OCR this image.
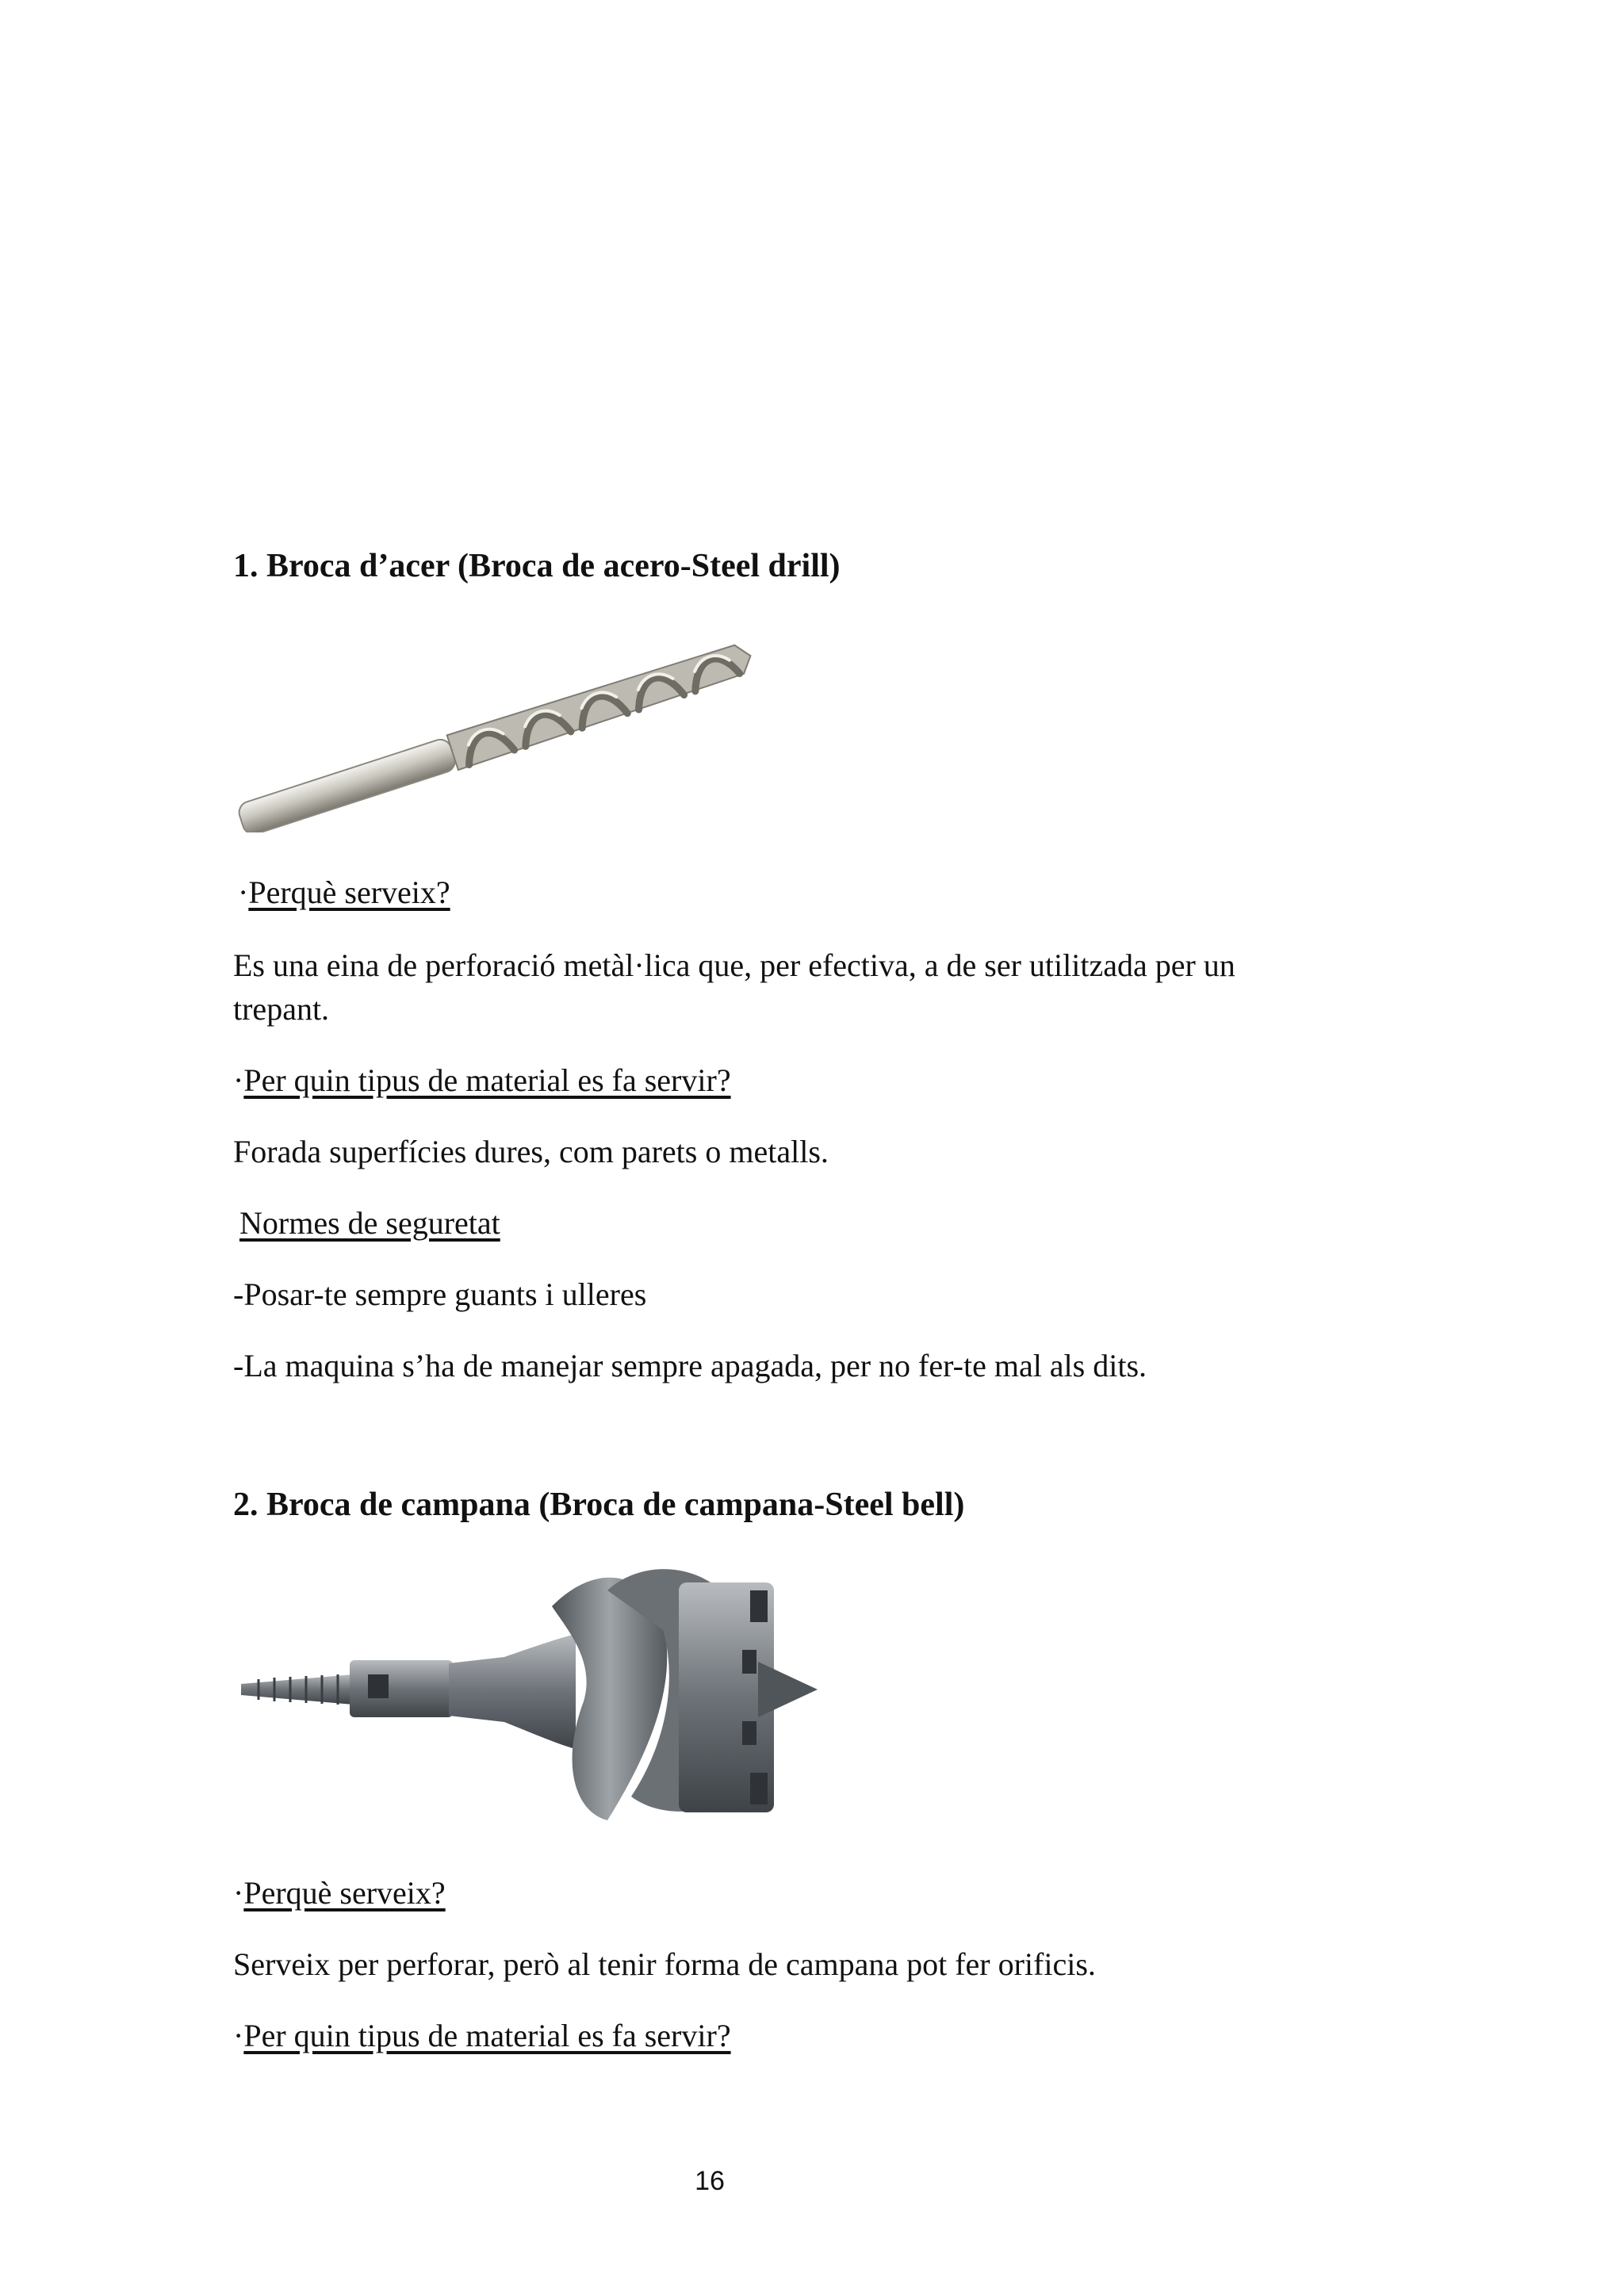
1. Broca d’acer (Broca de acero-Steel drill)

·Perquè serveix?

Es una eina de perforació metàl·lica que, per efectiva, a de ser utilitzada per un

trepant.

·Per quin tipus de material es fa servir?

Forada superfícies dures, com parets o metalls.

Normes de seguretat

-Posar-te sempre guants i ulleres

-La maquina s’ha de manejar sempre apagada, per no fer-te mal als dits.

2. Broca de campana (Broca de campana-Steel bell)

·Perquè serveix?

Serveix per perforar, però al tenir forma de campana pot fer orificis.

·Per quin tipus de material es fa servir?

16
